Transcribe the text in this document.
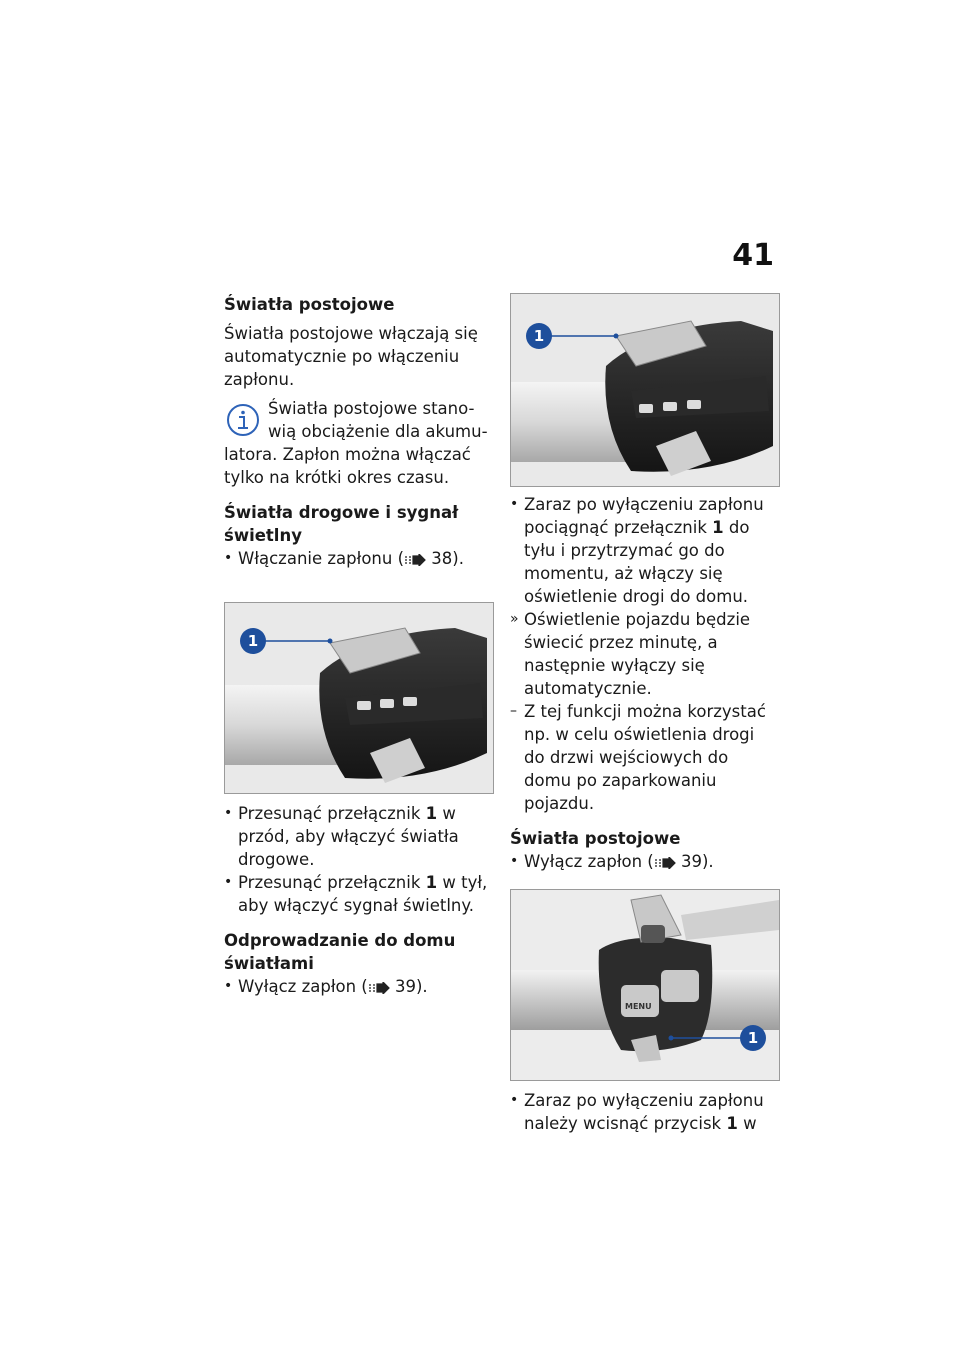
41

Światła postojowe

Światła postojowe włączają się automatycznie po włączeniu zapłonu.

Światła postojowe stano-

wią obciążenie dla akumu-

latora. Zapłon można włączać tylko na krótki okres czasu.

Światła drogowe i sygnał świetlny

• Włączanie zapłonu ( 38).
1
• Przesunąć przełącznik 1 w przód, aby włączyć światła drogowe.
• Przesunąć przełącznik 1 w tył, aby włączyć sygnał świetlny.

Odprowadzanie do domu światłami

• Wyłącz zapłon ( 39).
1
• Zaraz po wyłączeniu zapłonu pociągnąć przełącznik 1 do tyłu i przytrzymać go do momentu, aż włączy się oświetlenie drogi do domu.
» Oświetlenie pojazdu będzie świecić przez minutę, a następnie wyłączy się automatycznie.
– Z tej funkcji można korzystać np. w celu oświetlenia drogi do drzwi wejściowych do domu po zaparkowaniu pojazdu.

Światła postojowe

• Wyłącz zapłon ( 39).
MENU
1
• Zaraz po wyłączeniu zapłonu należy wcisnąć przycisk 1 w
